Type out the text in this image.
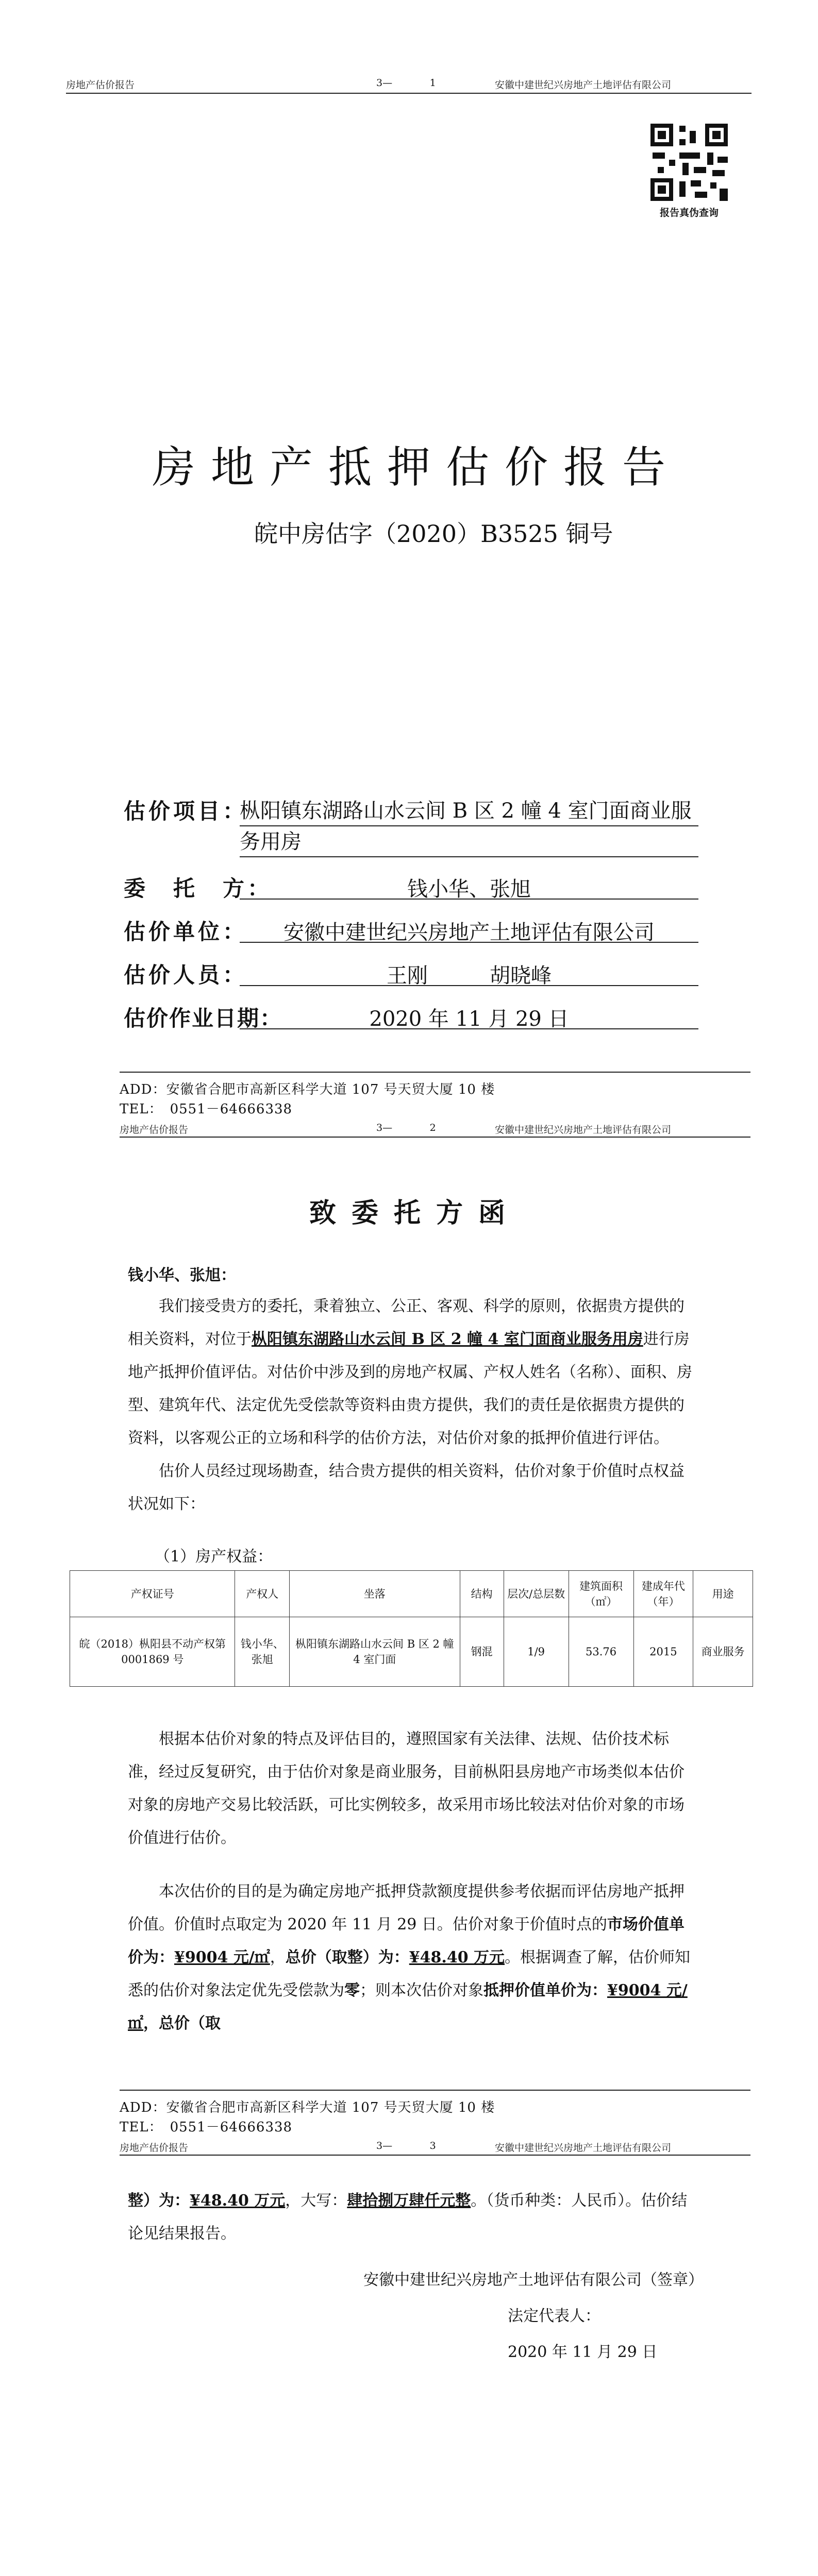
房地产估价报告	3—	1	安徽中建世纪兴房地产土地评估有限公司
报告真伪查询
房地产抵押估价报告
皖中房估字（2020）B3525 铜号
估价项目：
枞阳镇东湖路山水云间 B 区 2 幢 4 室门面商业服务用房
委　托　方：	钱小华、张旭
估价单位：	安徽中建世纪兴房地产土地评估有限公司
估价人员：	王刚　　　胡晓峰
估价作业日期：	2020 年 11 月 29 日
ADD：安徽省合肥市高新区科学大道 107 号天贸大厦 10 楼
TEL：　0551－64666338
房地产估价报告	3—	2	安徽中建世纪兴房地产土地评估有限公司
致委托方函
钱小华、张旭：
我们接受贵方的委托，秉着独立、公正、客观、科学的原则，依据贵方提供的相关资料，对位于枞阳镇东湖路山水云间 B 区 2 幢 4 室门面商业服务用房进行房地产抵押价值评估。对估价中涉及到的房地产权属、产权人姓名（名称）、面积、房型、建筑年代、法定优先受偿款等资料由贵方提供，我们的责任是依据贵方提供的资料，以客观公正的立场和科学的估价方法，对估价对象的抵押价值进行评估。
估价人员经过现场勘查，结合贵方提供的相关资料，估价对象于价值时点权益状况如下：
（1）房产权益：
产权证号	产权人	坐落	结构	层次/总层数	建筑面积（㎡）	建成年代（年）	用途
皖（2018）枞阳县不动产权第 0001869 号	钱小华、张旭	枞阳镇东湖路山水云间 B 区 2 幢 4 室门面	钢混	1/9	53.76	2015	商业服务
根据本估价对象的特点及评估目的，遵照国家有关法律、法规、估价技术标准，经过反复研究，由于估价对象是商业服务，目前枞阳县房地产市场类似本估价对象的房地产交易比较活跃，可比实例较多，故采用市场比较法对估价对象的市场价值进行估价。
本次估价的目的是为确定房地产抵押贷款额度提供参考依据而评估房地产抵押价值。价值时点取定为 2020 年 11 月 29 日。估价对象于价值时点的市场价值单价为：¥9004 元/㎡，总价（取整）为：¥48.40 万元。根据调查了解，估价师知悉的估价对象法定优先受偿款为零；则本次估价对象抵押价值单价为：¥9004 元/㎡，总价（取
ADD：安徽省合肥市高新区科学大道 107 号天贸大厦 10 楼
TEL：　0551－64666338
房地产估价报告	3—	3	安徽中建世纪兴房地产土地评估有限公司
整）为：¥48.40 万元，大写：肆拾捌万肆仟元整。（货币种类：人民币）。估价结论见结果报告。
安徽中建世纪兴房地产土地评估有限公司（签章）
法定代表人：
2020 年 11 月 29 日
